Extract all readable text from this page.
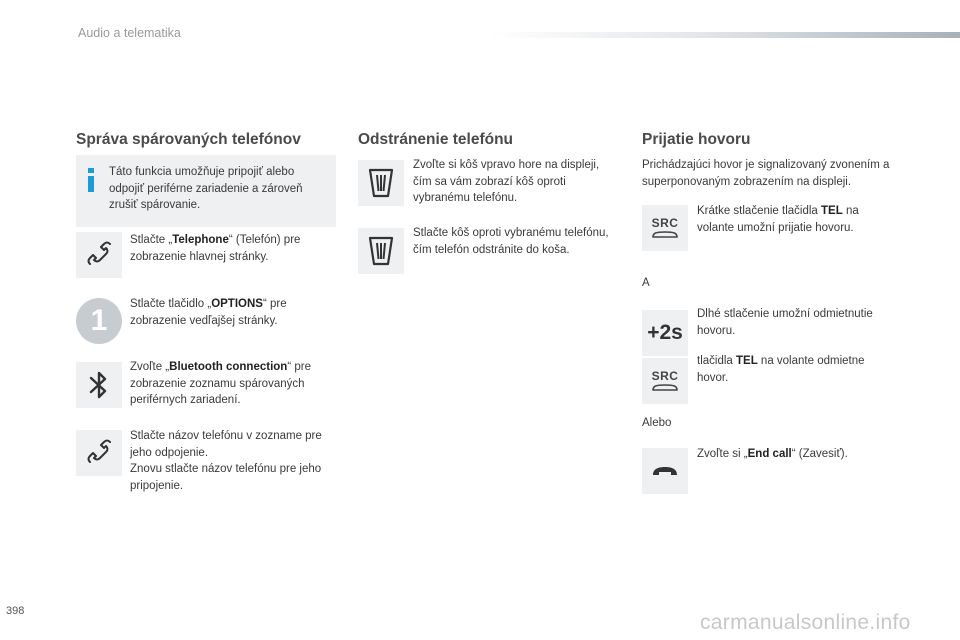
Audio a telematika
Správa spárovaných telefónov

Táto funkcia umožňuje pripojiť alebo odpojiť periférne zariadenie a zároveň zrušiť spárovanie.

Stlačte „Telephone“ (Telefón) pre zobrazenie hlavnej stránky.

1	Stlačte tlačidlo „OPTIONS“ pre zobrazenie vedľajšej stránky.

Zvoľte „Bluetooth connection“ pre zobrazenie zoznamu spárovaných periférnych zariadení.

Stlačte názov telefónu v zozname pre jeho odpojenie.
Znovu stlačte názov telefónu pre jeho pripojenie.
Odstránenie telefónu

Zvoľte si kôš vpravo hore na displeji, čím sa vám zobrazí kôš oproti vybranému telefónu.

Stlačte kôš oproti vybranému telefónu, čím telefón odstránite do koša.

Prijatie hovoru

Prichádzajúci hovor je signalizovaný zvonením a superponovaným zobrazením na displeji.

SRC

Krátke stlačenie tlačidla TEL na volante umožní prijatie hovoru.

A

+2s

Dlhé stlačenie umožní odmietnutie hovoru.

SRC

tlačidla TEL na volante odmietne hovor.

Alebo

Zvoľte si „End call“ (Zavesiť).

398	carmanualsonline.info
